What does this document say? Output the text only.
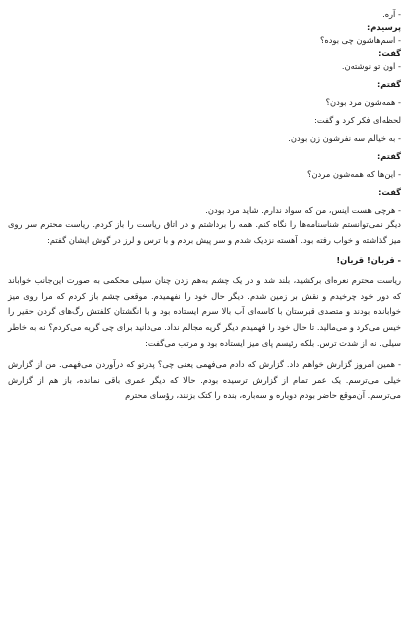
- آره.

پرسیدم:

- اسم‌هاشون چی بوده؟

گفت:

- اون تو نوشته‌ن.

گفتم:

- همه‌شون مرد بودن؟

لحظه‌ای فکر کرد و گفت:

- به خیالم سه نفرشون زن بودن.

گفتم:

- این‌ها که همه‌شون مردن؟

گفت:

- هرچی هست اینس، من که سواد ندارم. شاید مرد بودن.

دیگر نمی‌توانستم شناسنامه‌ها را نگاه کنم. همه را برداشتم و در اتاق ریاست را باز کردم. ریاست محترم سر روی میز گذاشته و خواب رفته بود. آهسته نزدیک شدم و سر پیش بردم و با ترس و لرز در گوش ایشان گفتم:

- قربان! قربان!

ریاست محترم نعره‌ای برکشید، بلند شد و در یک چشم به‌هم زدن چنان سیلی محکمی به صورت این‌جانب خواباند که دور خود چرخیدم و نقش بر زمین شدم. دیگر حال خود را نفهمیدم. موقعی چشم باز کردم که مرا روی میز خوابانده بودند و متصدی قبرستان با کاسه‌ای آب بالا سرم ایستاده بود و با انگشتان کلفتش رگ‌های گردن حقیر را خیس می‌کرد و می‌مالید. تا حال خود را فهمیدم دیگر گریه مجالم نداد. می‌دانید برای چی گریه می‌کردم؟ نه به خاطر سیلی. نه از شدت ترس. بلکه رئیسم پای میز ایستاده بود و مرتب می‌گفت:

- همین امروز گزارش خواهم داد. گزارش که دادم می‌فهمی یعنی چی؟ پدرتو که درآوردن می‌فهمی. من از گزارش خیلی می‌ترسم. یک عمر تمام از گزارش ترسیده بودم. حالا که دیگر عمری باقی نمانده، باز هم از گزارش می‌ترسم. آن‌موقع حاضر بودم دوباره و سه‌باره، بنده را کتک بزنند، رؤسای محترم
